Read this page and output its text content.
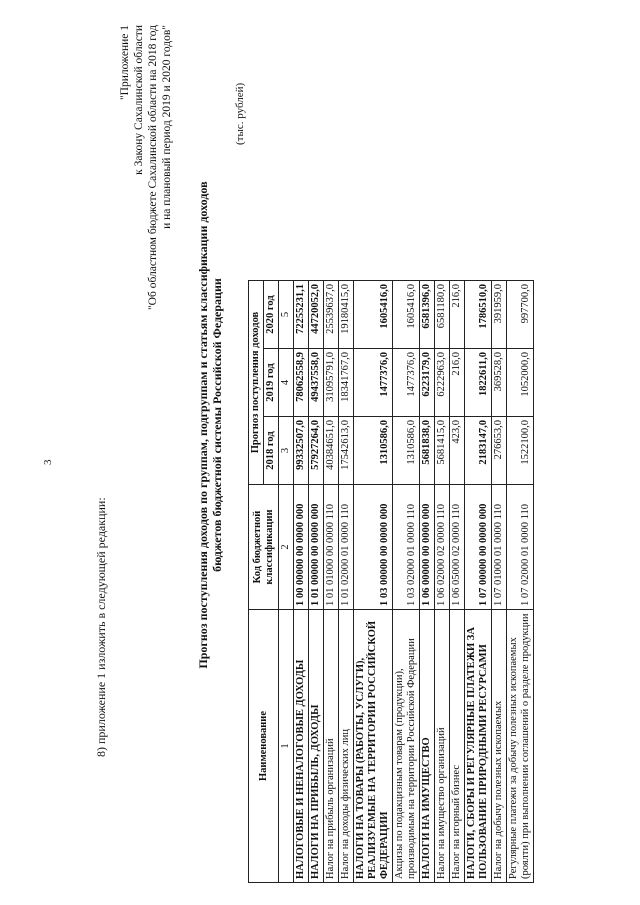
3
8) приложение 1 изложить в следующей редакции:
"Приложение 1 к Закону Сахалинской области "Об областном бюджете Сахалинской области на 2018 год и на плановый период 2019 и 2020 годов"
Прогноз поступления доходов по группам, подгруппам и статьям классификации доходов бюджетов бюджетной системы Российской Федерации
(тыс. рублей)
Наименование	Код бюджетной классификации	Прогноз поступления доходов		
		2018 год	2019 год	2020 год
1	2	3	4	5
НАЛОГОВЫЕ И НЕНАЛОГОВЫЕ ДОХОДЫ	1 00 00000 00 0000 000	99332507,0	78062558,9	72255231,1
НАЛОГИ НА ПРИБЫЛЬ, ДОХОДЫ	1 01 00000 00 0000 000	57927264,0	49437558,0	44720052,0
Налог на прибыль организаций	1 01 01000 00 0000 110	40384651,0	31095791,0	25539637,0
Налог на доходы физических лиц	1 01 02000 01 0000 110	17542613,0	18341767,0	19180415,0
НАЛОГИ НА ТОВАРЫ (РАБОТЫ, УСЛУГИ), РЕАЛИЗУЕМЫЕ НА ТЕРРИТОРИИ РОССИЙСКОЙ ФЕДЕРАЦИИ	1 03 00000 00 0000 000	1310586,0	1477376,0	1605416,0
Акцизы по подакцизным товарам (продукции), производимым на территории Российской Федерации	1 03 02000 01 0000 110	1310586,0	1477376,0	1605416,0
НАЛОГИ НА ИМУЩЕСТВО	1 06 00000 00 0000 000	5681838,0	6223179,0	6581396,0
Налог на имущество организаций	1 06 02000 02 0000 110	5681415,0	6222963,0	6581180,0
Налог на игорный бизнес	1 06 05000 02 0000 110	423,0	216,0	216,0
НАЛОГИ, СБОРЫ И РЕГУЛЯРНЫЕ ПЛАТЕЖИ ЗА ПОЛЬЗОВАНИЕ ПРИРОДНЫМИ РЕСУРСАМИ	1 07 00000 00 0000 000	2183147,0	1822611,0	1786510,0
Налог на добычу полезных ископаемых	1 07 01000 01 0000 110	276653,0	369528,0	391959,0
Регулярные платежи за добычу полезных ископаемых (роялти) при выполнении соглашений о разделе продукции	1 07 02000 01 0000 110	1522100,0	1052000,0	997700,0
